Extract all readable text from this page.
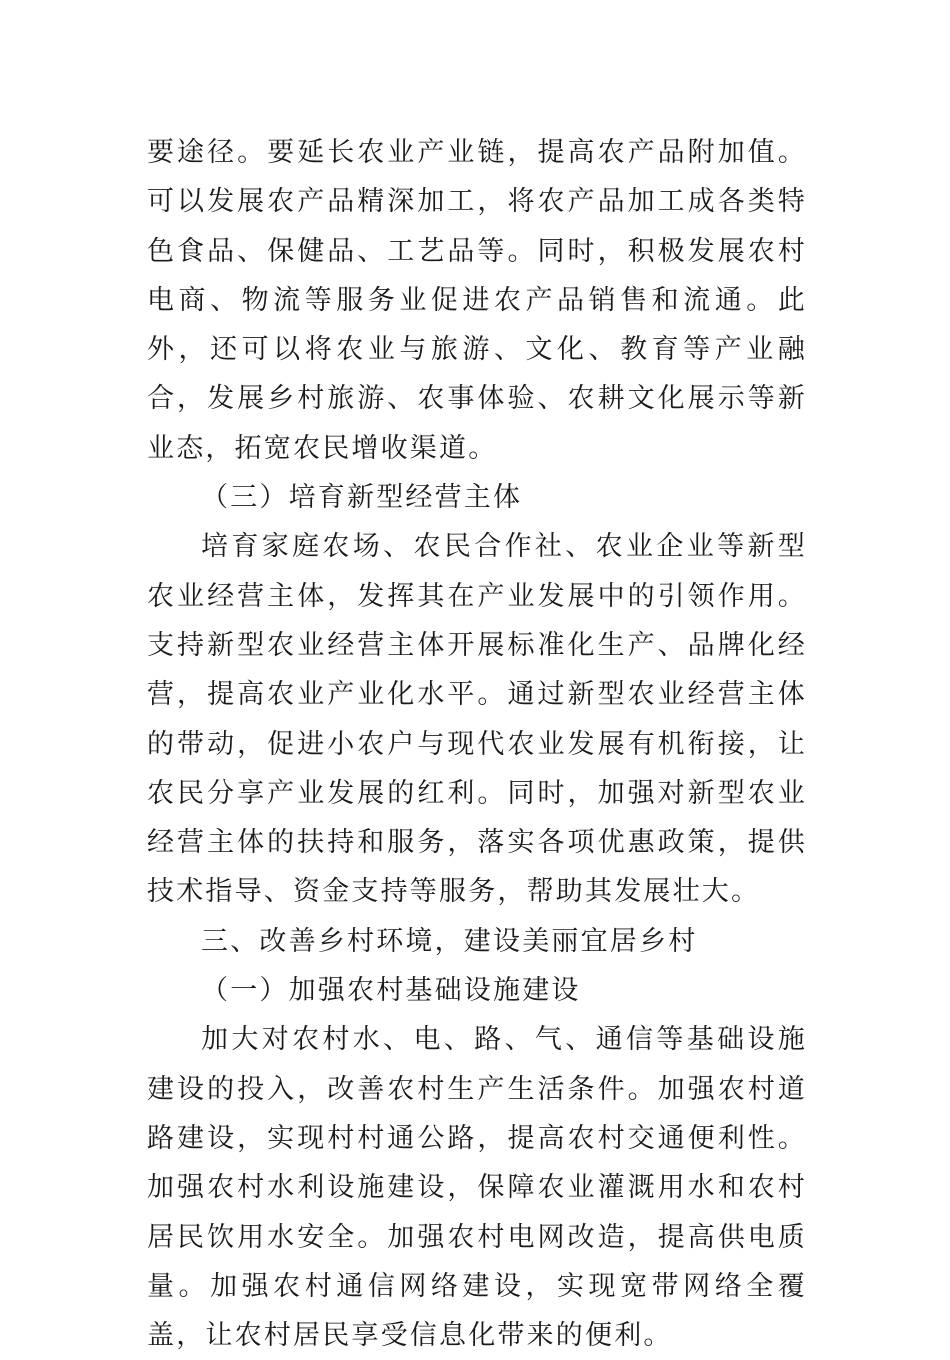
要途径。要延长农业产业链，提高农产品附加值。可以发展农产品精深加工，将农产品加工成各类特色食品、保健品、工艺品等。同时，积极发展农村电商、物流等服务业促进农产品销售和流通。此外，还可以将农业与旅游、文化、教育等产业融合，发展乡村旅游、农事体验、农耕文化展示等新业态，拓宽农民增收渠道。

（三）培育新型经营主体

培育家庭农场、农民合作社、农业企业等新型农业经营主体，发挥其在产业发展中的引领作用。支持新型农业经营主体开展标准化生产、品牌化经营，提高农业产业化水平。通过新型农业经营主体的带动，促进小农户与现代农业发展有机衔接，让农民分享产业发展的红利。同时，加强对新型农业经营主体的扶持和服务，落实各项优惠政策，提供技术指导、资金支持等服务，帮助其发展壮大。

三、改善乡村环境，建设美丽宜居乡村

（一）加强农村基础设施建设

加大对农村水、电、路、气、通信等基础设施建设的投入，改善农村生产生活条件。加强农村道路建设，实现村村通公路，提高农村交通便利性。加强农村水利设施建设，保障农业灌溉用水和农村居民饮用水安全。加强农村电网改造，提高供电质量。加强农村通信网络建设，实现宽带网络全覆盖，让农村居民享受信息化带来的便利。
